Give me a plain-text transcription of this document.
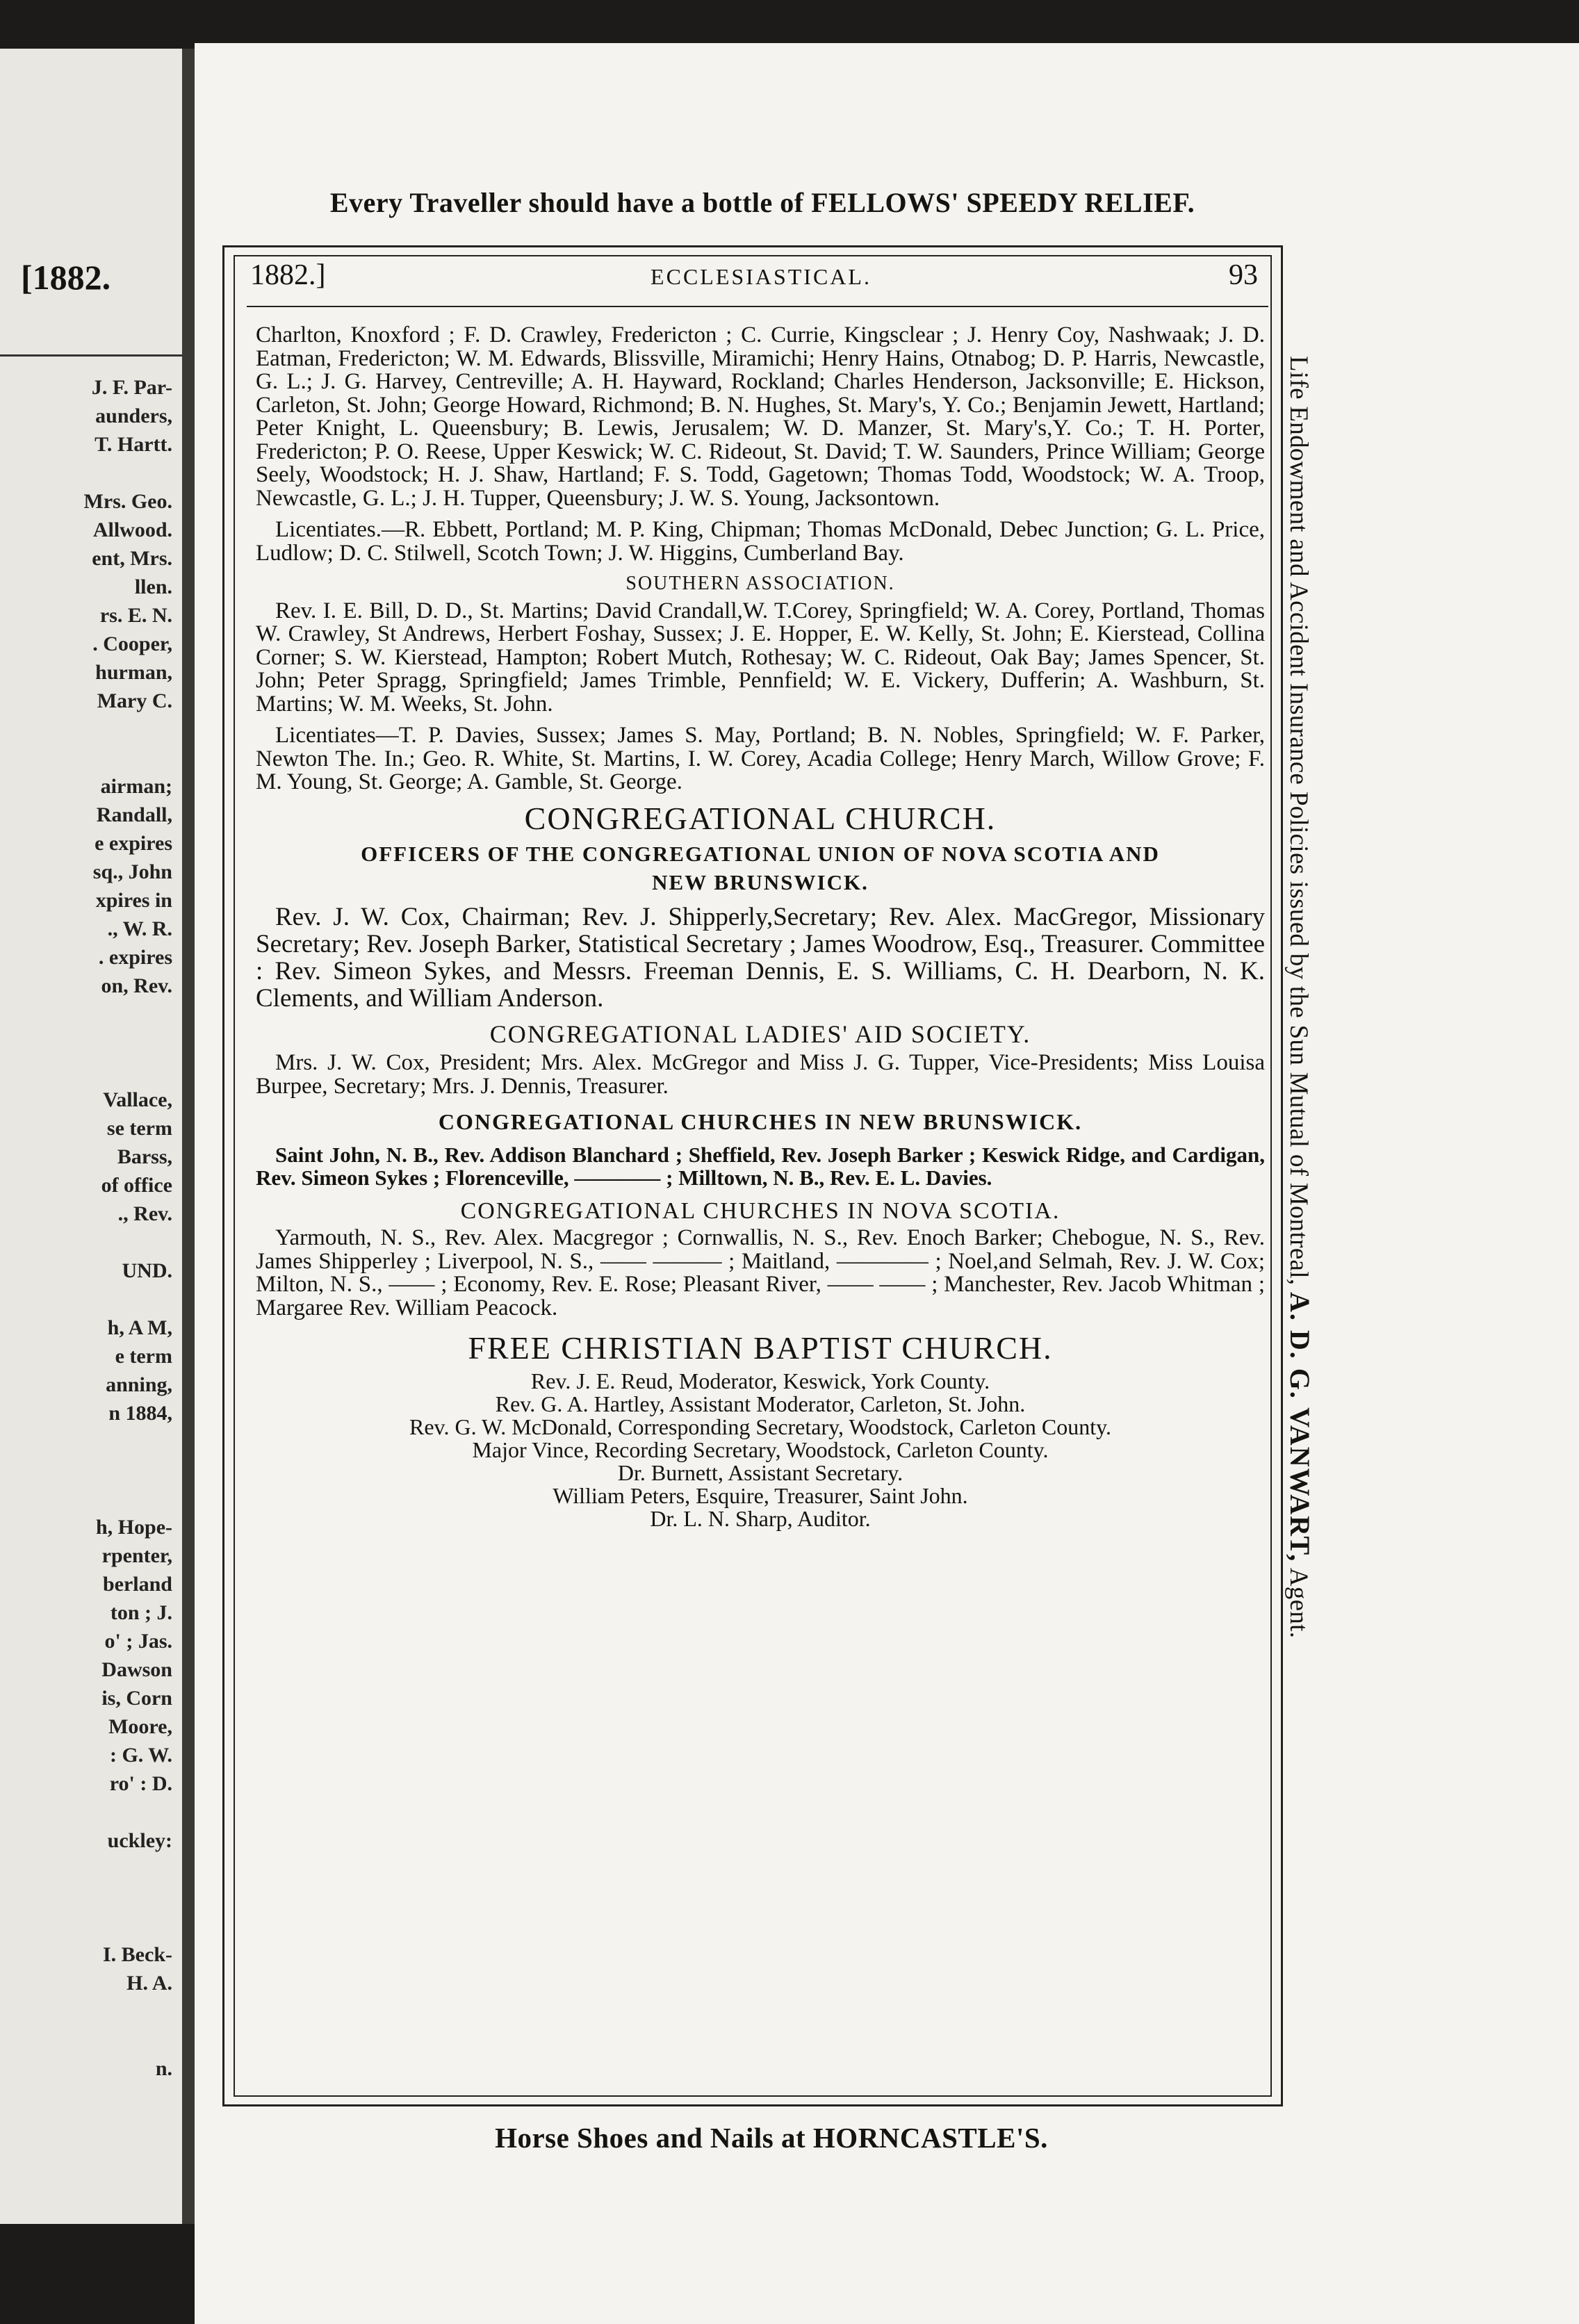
[1882.
J. F. Par-
aunders,
T. Hartt.
Mrs. Geo.
Allwood.
ent, Mrs.
llen.
rs. E. N.
. Cooper,
hurman,
Mary C.
airman;
Randall,
e expires
sq., John
xpires in
., W. R.
. expires
on, Rev.
Vallace,
se term
Barss,
of office
., Rev.
UND.
h, A M,
e term
anning,
n 1884,
h, Hope-
rpenter,
berland
ton ; J.
o' ; Jas.
Dawson
is, Corn
Moore,
: G. W.
ro' : D.
uckley:
I. Beck-
H. A.
n.
Every Traveller should have a bottle of FELLOWS' SPEEDY RELIEF.
1882.]	ECCLESIASTICAL.	93

Charlton, Knoxford ; F. D. Crawley, Fredericton ; C. Currie, Kingsclear ; J. Henry Coy, Nashwaak; J. D. Eatman, Fredericton; W. M. Edwards, Blissville, Miramichi; Henry Hains, Otnabog; D. P. Harris, Newcastle, G. L.; J. G. Harvey, Centreville; A. H. Hayward, Rockland; Charles Henderson, Jacksonville; E. Hickson, Carleton, St. John; George Howard, Richmond; B. N. Hughes, St. Mary's, Y. Co.; Benjamin Jewett, Hartland; Peter Knight, L. Queensbury; B. Lewis, Jerusalem; W. D. Manzer, St. Mary's,Y. Co.; T. H. Porter, Fredericton; P. O. Reese, Upper Keswick; W. C. Rideout, St. David; T. W. Saunders, Prince William; George Seely, Woodstock; H. J. Shaw, Hartland; F. S. Todd, Gagetown; Thomas Todd, Woodstock; W. A. Troop, Newcastle, G. L.; J. H. Tupper, Queensbury; J. W. S. Young, Jacksontown.

Licentiates.—R. Ebbett, Portland; M. P. King, Chipman; Thomas McDonald, Debec Junction; G. L. Price, Ludlow; D. C. Stilwell, Scotch Town; J. W. Higgins, Cumberland Bay.

SOUTHERN ASSOCIATION.

Rev. I. E. Bill, D. D., St. Martins; David Crandall,W. T.Corey, Springfield; W. A. Corey, Portland, Thomas W. Crawley, St Andrews, Herbert Foshay, Sussex; J. E. Hopper, E. W. Kelly, St. John; E. Kierstead, Collina Corner; S. W. Kierstead, Hampton; Robert Mutch, Rothesay; W. C. Rideout, Oak Bay; James Spencer, St. John; Peter Spragg, Springfield; James Trimble, Pennfield; W. E. Vickery, Dufferin; A. Washburn, St. Martins; W. M. Weeks, St. John.

Licentiates—T. P. Davies, Sussex; James S. May, Portland; B. N. Nobles, Springfield; W. F. Parker, Newton The. In.; Geo. R. White, St. Martins, I. W. Corey, Acadia College; Henry March, Willow Grove; F. M. Young, St. George; A. Gamble, St. George.

CONGREGATIONAL CHURCH.
OFFICERS OF THE CONGREGATIONAL UNION OF NOVA SCOTIA AND
NEW BRUNSWICK.

Rev. J. W. Cox, Chairman; Rev. J. Shipperly,Secretary; Rev. Alex. MacGregor, Missionary Secretary; Rev. Joseph Barker, Statistical Secretary ; James Woodrow, Esq., Treasurer. Committee : Rev. Simeon Sykes, and Messrs. Freeman Dennis, E. S. Williams, C. H. Dearborn, N. K. Clements, and William Anderson.

CONGREGATIONAL LADIES' AID SOCIETY.

Mrs. J. W. Cox, President; Mrs. Alex. McGregor and Miss J. G. Tupper, Vice-Presidents; Miss Louisa Burpee, Secretary; Mrs. J. Dennis, Treasurer.

CONGREGATIONAL CHURCHES IN NEW BRUNSWICK.

Saint John, N. B., Rev. Addison Blanchard ; Sheffield, Rev. Joseph Barker ; Keswick Ridge, and Cardigan, Rev. Simeon Sykes ; Florenceville, ———— ; Milltown, N. B., Rev. E. L. Davies.

CONGREGATIONAL CHURCHES IN NOVA SCOTIA.

Yarmouth, N. S., Rev. Alex. Macgregor ; Cornwallis, N. S., Rev. Enoch Barker; Chebogue, N. S., Rev. James Shipperley ; Liverpool, N. S., —— ——— ; Maitland, ———— ; Noel,and Selmah, Rev. J. W. Cox; Milton, N. S., —— ; Economy, Rev. E. Rose; Pleasant River, —— —— ; Manchester, Rev. Jacob Whitman ; Margaree Rev. William Peacock.

FREE CHRISTIAN BAPTIST CHURCH.

Rev. J. E. Reud, Moderator, Keswick, York County.

Rev. G. A. Hartley, Assistant Moderator, Carleton, St. John.

Rev. G. W. McDonald, Corresponding Secretary, Woodstock, Carleton County.

Major Vince, Recording Secretary, Woodstock, Carleton County.

Dr. Burnett, Assistant Secretary.

William Peters, Esquire, Treasurer, Saint John.

Dr. L. N. Sharp, Auditor.

Life Endowment and Accident Insurance Policies issued by the Sun Mutual of Montreal, A. D. G. VANWART, Agent.
Horse Shoes and Nails at HORNCASTLE'S.
